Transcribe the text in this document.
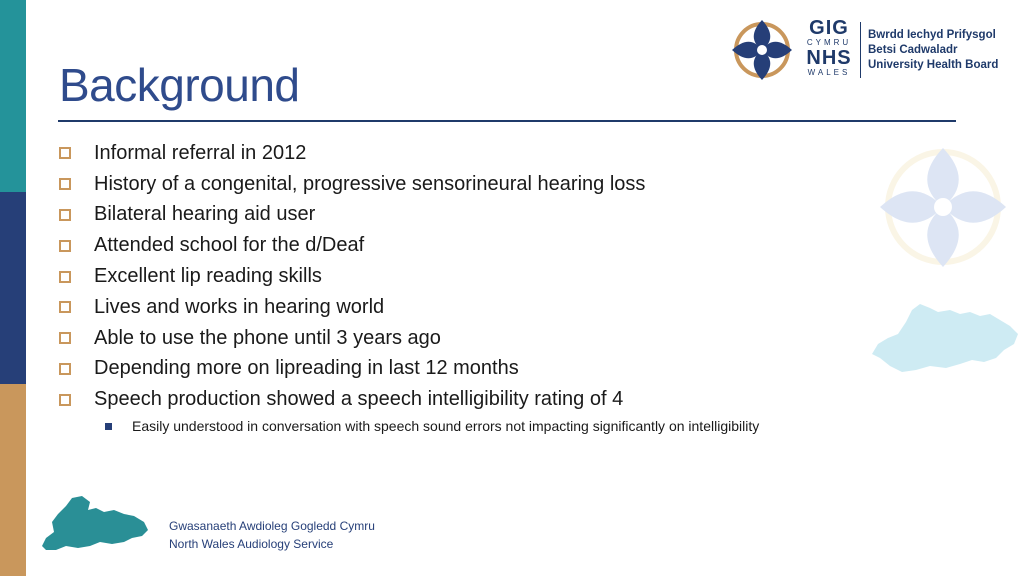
GIG
CYMRU
NHS
WALES
Bwrdd Iechyd Prifysgol
Betsi Cadwaladr
University Health Board
Background
Informal referral in 2012
History of a congenital, progressive sensorineural hearing loss
Bilateral hearing aid user
Attended school for the d/Deaf
Excellent lip reading skills
Lives and works in hearing world
Able to use the phone until 3 years ago
Depending more on lipreading in last 12 months
Speech production showed a speech intelligibility rating of 4
Easily understood in conversation with speech sound errors not impacting significantly on intelligibility
Gwasanaeth Awdioleg Gogledd Cymru
North Wales Audiology Service
